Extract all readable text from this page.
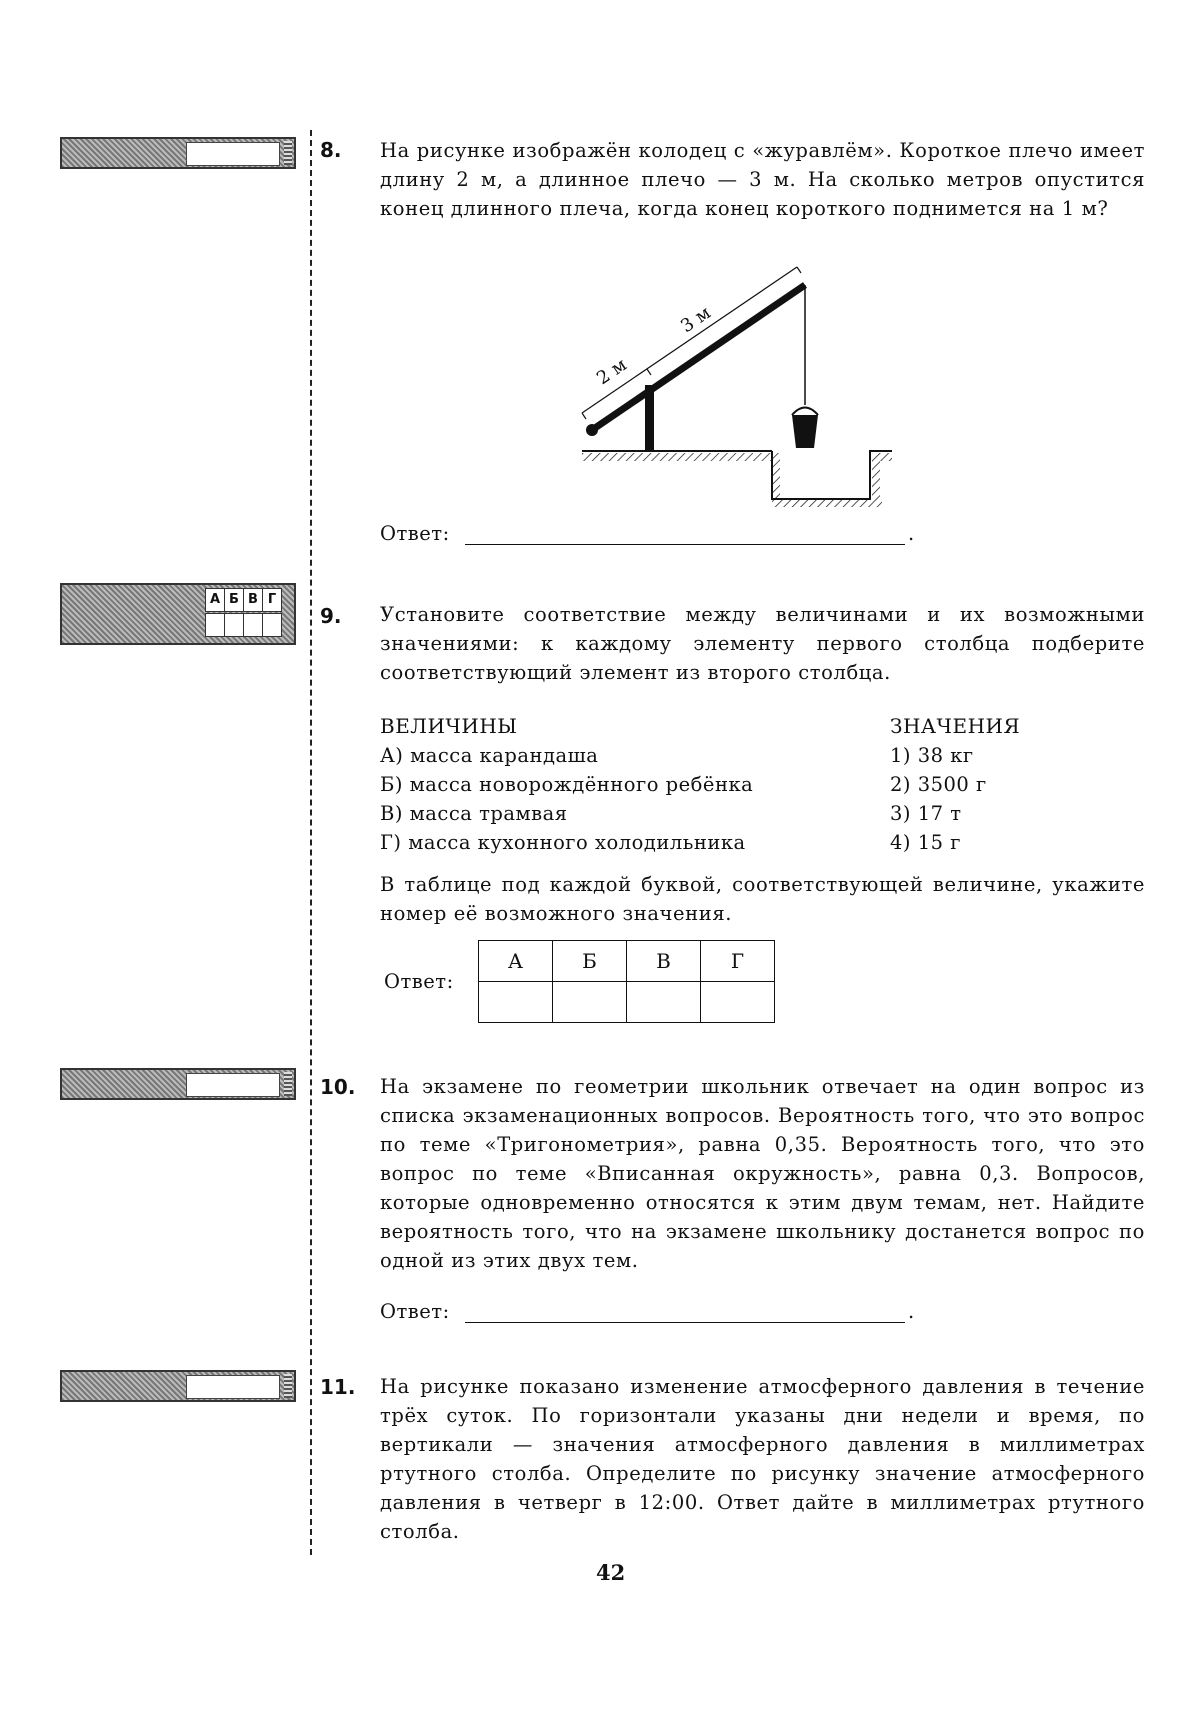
А Б В Г
8. На рисунке изображён колодец с «журавлём». Короткое плечо имеет длину 2 м, а длинное плечо — 3 м. На сколько метров опустится конец длинного плеча, когда конец короткого поднимется на 1 м?
2 м
3 м
Ответ:	.
9. Установите соответствие между величинами и их возможными значениями: к каждому элементу первого столбца подберите соответствующий элемент из второго столбца.
ВЕЛИЧИНЫ	ЗНАЧЕНИЯ
А) масса карандаша	1) 38 кг
Б) масса новорождённого ребёнка	2) 3500 г
В) масса трамвая	3) 17 т
Г) масса кухонного холодильника	4) 15 г
В таблице под каждой буквой, соответствующей величине, укажите номер её возможного значения.
Ответ:
А	Б	В	Г

10. На экзамене по геометрии школьник отвечает на один вопрос из списка экзаменационных вопросов. Вероятность того, что это вопрос по теме «Тригонометрия», равна 0,35. Вероятность того, что это вопрос по теме «Вписанная окружность», равна 0,3. Вопросов, которые одновременно относятся к этим двум темам, нет. Найдите вероятность того, что на экзамене школьнику достанется вопрос по одной из этих двух тем.
Ответ:	.
11. На рисунке показано изменение атмосферного давления в течение трёх суток. По горизонтали указаны дни недели и время, по вертикали — значения атмосферного давления в миллиметрах ртутного столба. Определите по рисунку значение атмосферного давления в четверг в 12:00. Ответ дайте в миллиметрах ртутного столба.
42
